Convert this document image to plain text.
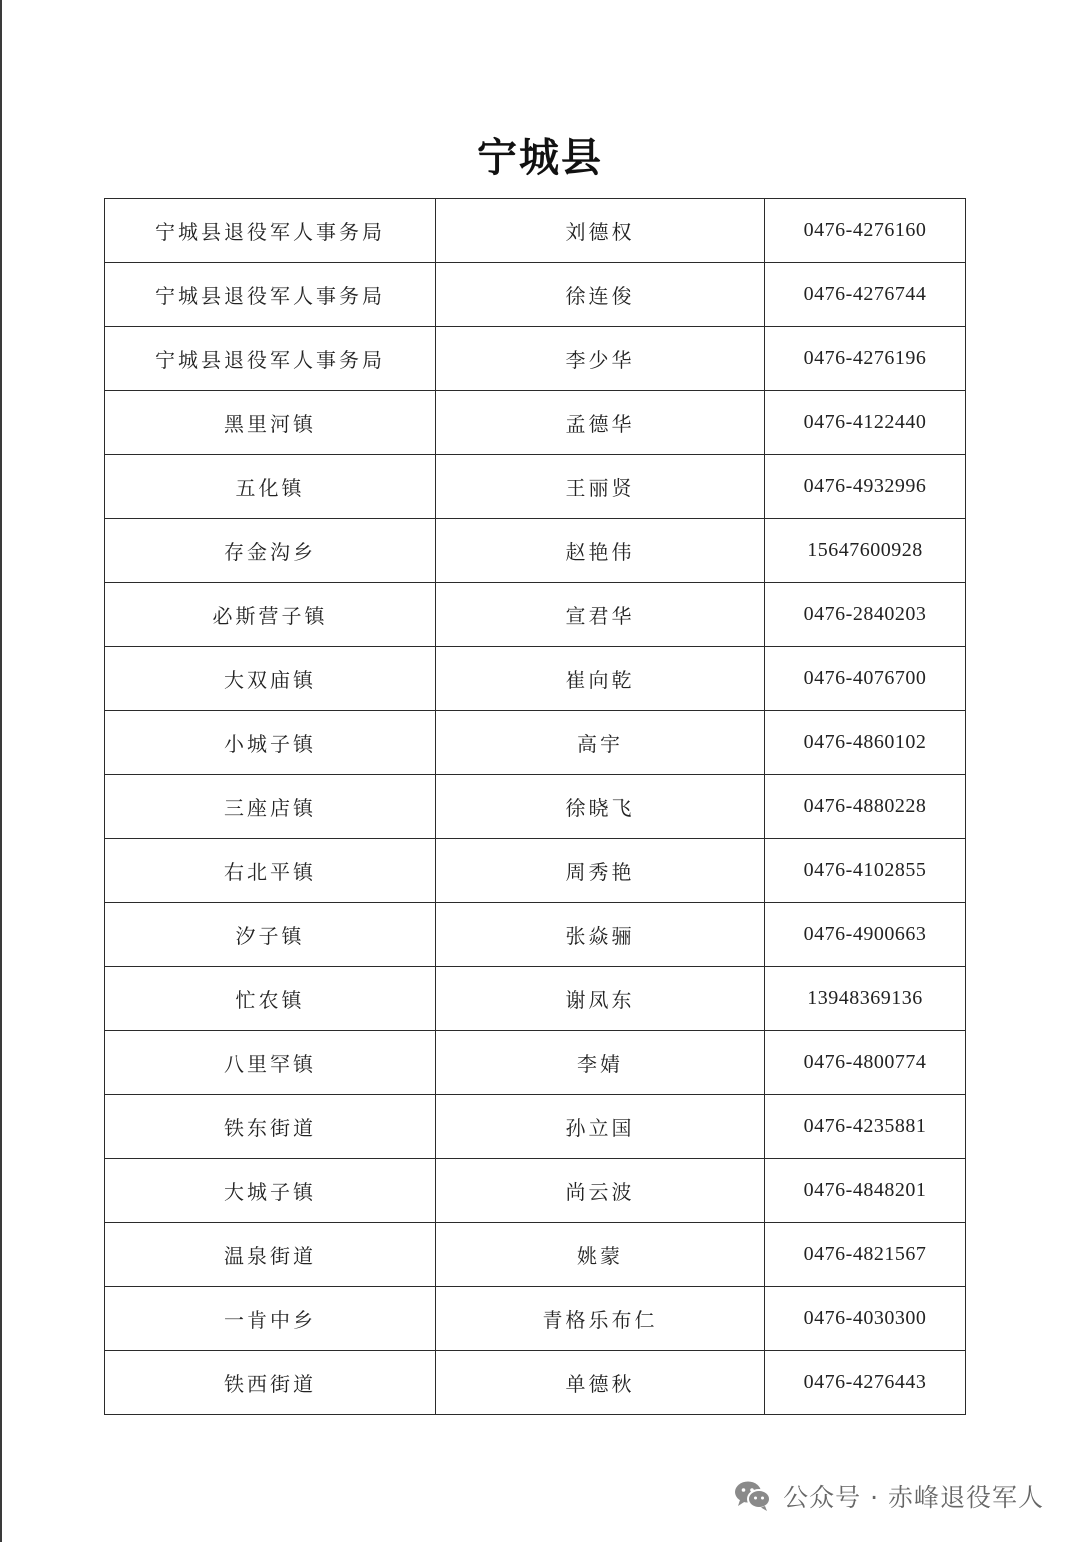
宁城县
宁城县退役军人事务局	刘德权	0476-4276160
宁城县退役军人事务局	徐连俊	0476-4276744
宁城县退役军人事务局	李少华	0476-4276196
黑里河镇	孟德华	0476-4122440
五化镇	王丽贤	0476-4932996
存金沟乡	赵艳伟	15647600928
必斯营子镇	宣君华	0476-2840203
大双庙镇	崔向乾	0476-4076700
小城子镇	高宇	0476-4860102
三座店镇	徐晓飞	0476-4880228
右北平镇	周秀艳	0476-4102855
汐子镇	张焱骊	0476-4900663
忙农镇	谢凤东	13948369136
八里罕镇	李婧	0476-4800774
铁东街道	孙立国	0476-4235881
大城子镇	尚云波	0476-4848201
温泉街道	姚蒙	0476-4821567
一肯中乡	青格乐布仁	0476-4030300
铁西街道	单德秋	0476-4276443
公众号 · 赤峰退役军人
